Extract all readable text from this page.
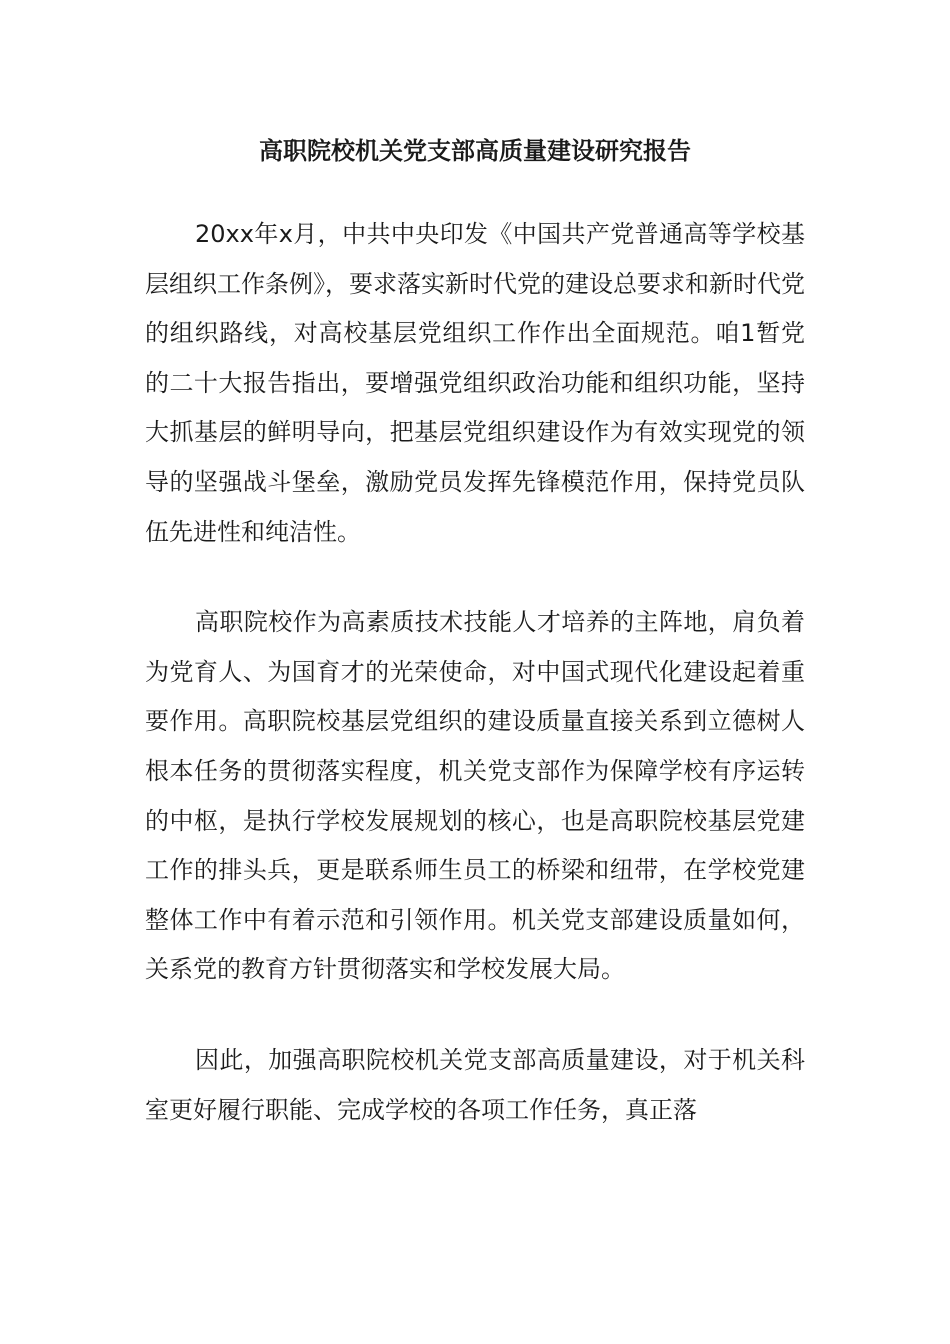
高职院校机关党支部高质量建设研究报告

20xx年x月，中共中央印发《中国共产党普通高等学校基层组织工作条例》，要求落实新时代党的建设总要求和新时代党的组织路线，对高校基层党组织工作作出全面规范。咱1暂党的二十大报告指出，要增强党组织政治功能和组织功能，坚持大抓基层的鲜明导向，把基层党组织建设作为有效实现党的领导的坚强战斗堡垒，激励党员发挥先锋模范作用，保持党员队伍先进性和纯洁性。

高职院校作为高素质技术技能人才培养的主阵地，肩负着为党育人、为国育才的光荣使命，对中国式现代化建设起着重要作用。高职院校基层党组织的建设质量直接关系到立德树人根本任务的贯彻落实程度，机关党支部作为保障学校有序运转的中枢，是执行学校发展规划的核心，也是高职院校基层党建工作的排头兵，更是联系师生员工的桥梁和纽带，在学校党建整体工作中有着示范和引领作用。机关党支部建设质量如何，关系党的教育方针贯彻落实和学校发展大局。

因此，加强高职院校机关党支部高质量建设，对于机关科室更好履行职能、完成学校的各项工作任务，真正落
